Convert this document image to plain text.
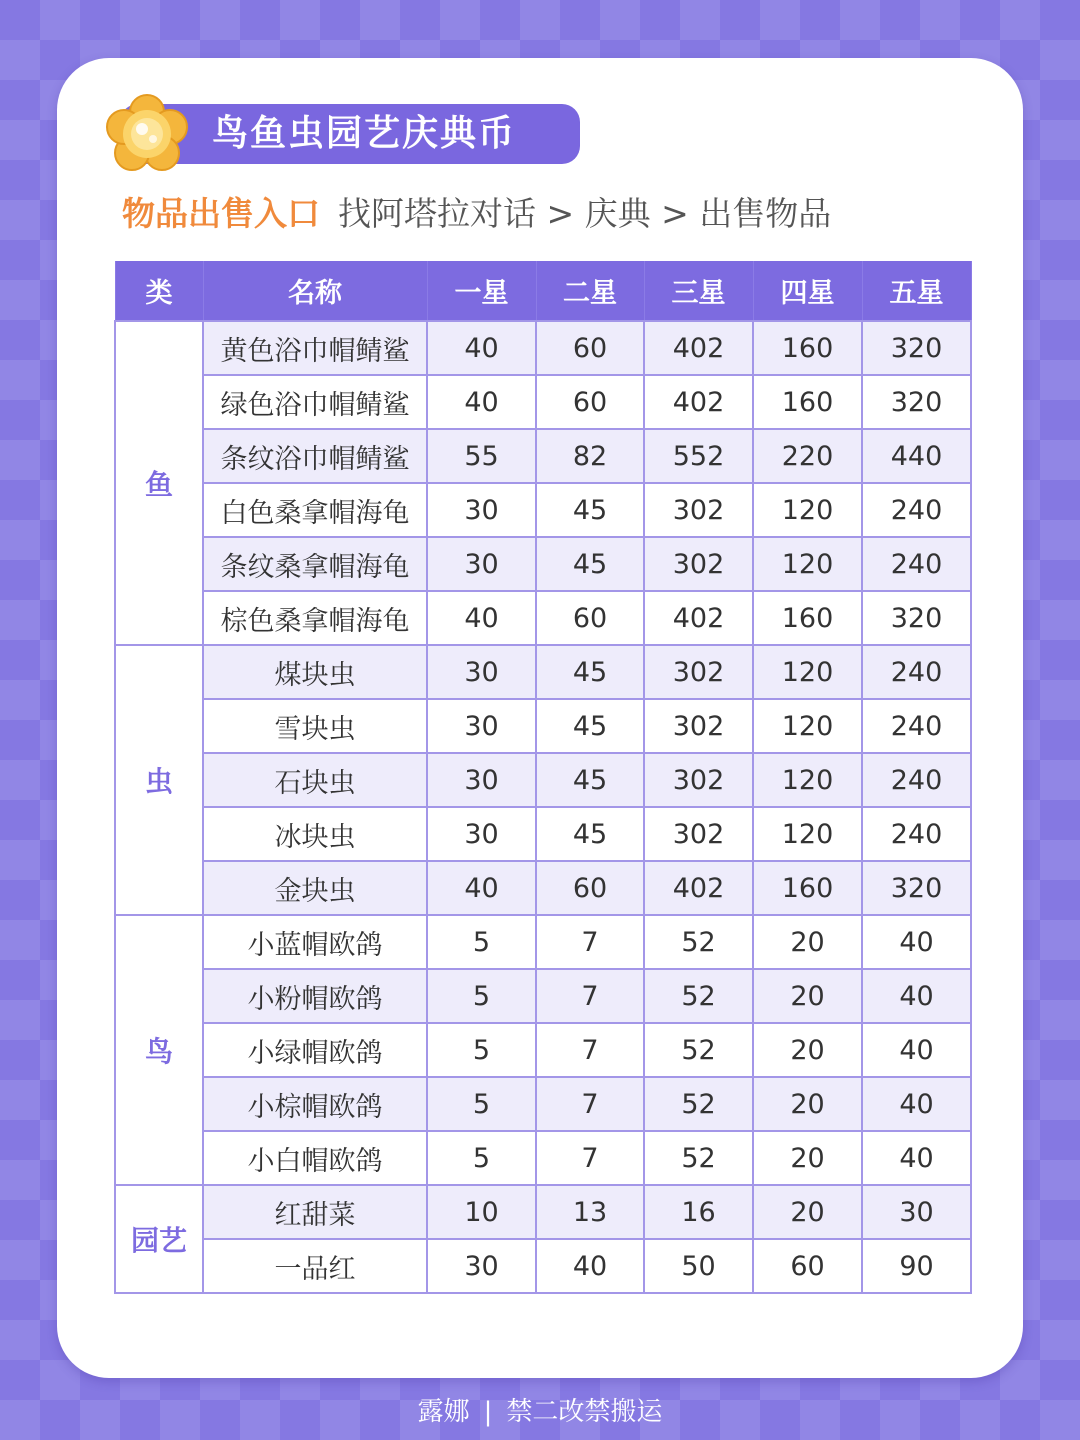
鸟鱼虫园艺庆典币
物品出售入口 找阿塔拉对话 > 庆典 > 出售物品
类	名称	一星	二星	三星	四星	五星
鱼	黄色浴巾帽鲭鲨	40	60	402	160	320
	绿色浴巾帽鲭鲨	40	60	402	160	320
	条纹浴巾帽鲭鲨	55	82	552	220	440
	白色桑拿帽海龟	30	45	302	120	240
	条纹桑拿帽海龟	30	45	302	120	240
	棕色桑拿帽海龟	40	60	402	160	320
虫	煤块虫	30	45	302	120	240
	雪块虫	30	45	302	120	240
	石块虫	30	45	302	120	240
	冰块虫	30	45	302	120	240
	金块虫	40	60	402	160	320
鸟	小蓝帽欧鸽	5	7	52	20	40
	小粉帽欧鸽	5	7	52	20	40
	小绿帽欧鸽	5	7	52	20	40
	小棕帽欧鸽	5	7	52	20	40
	小白帽欧鸽	5	7	52	20	40
园艺	红甜菜	10	13	16	20	30
	一品红	30	40	50	60	90
露娜 | 禁二改禁搬运
